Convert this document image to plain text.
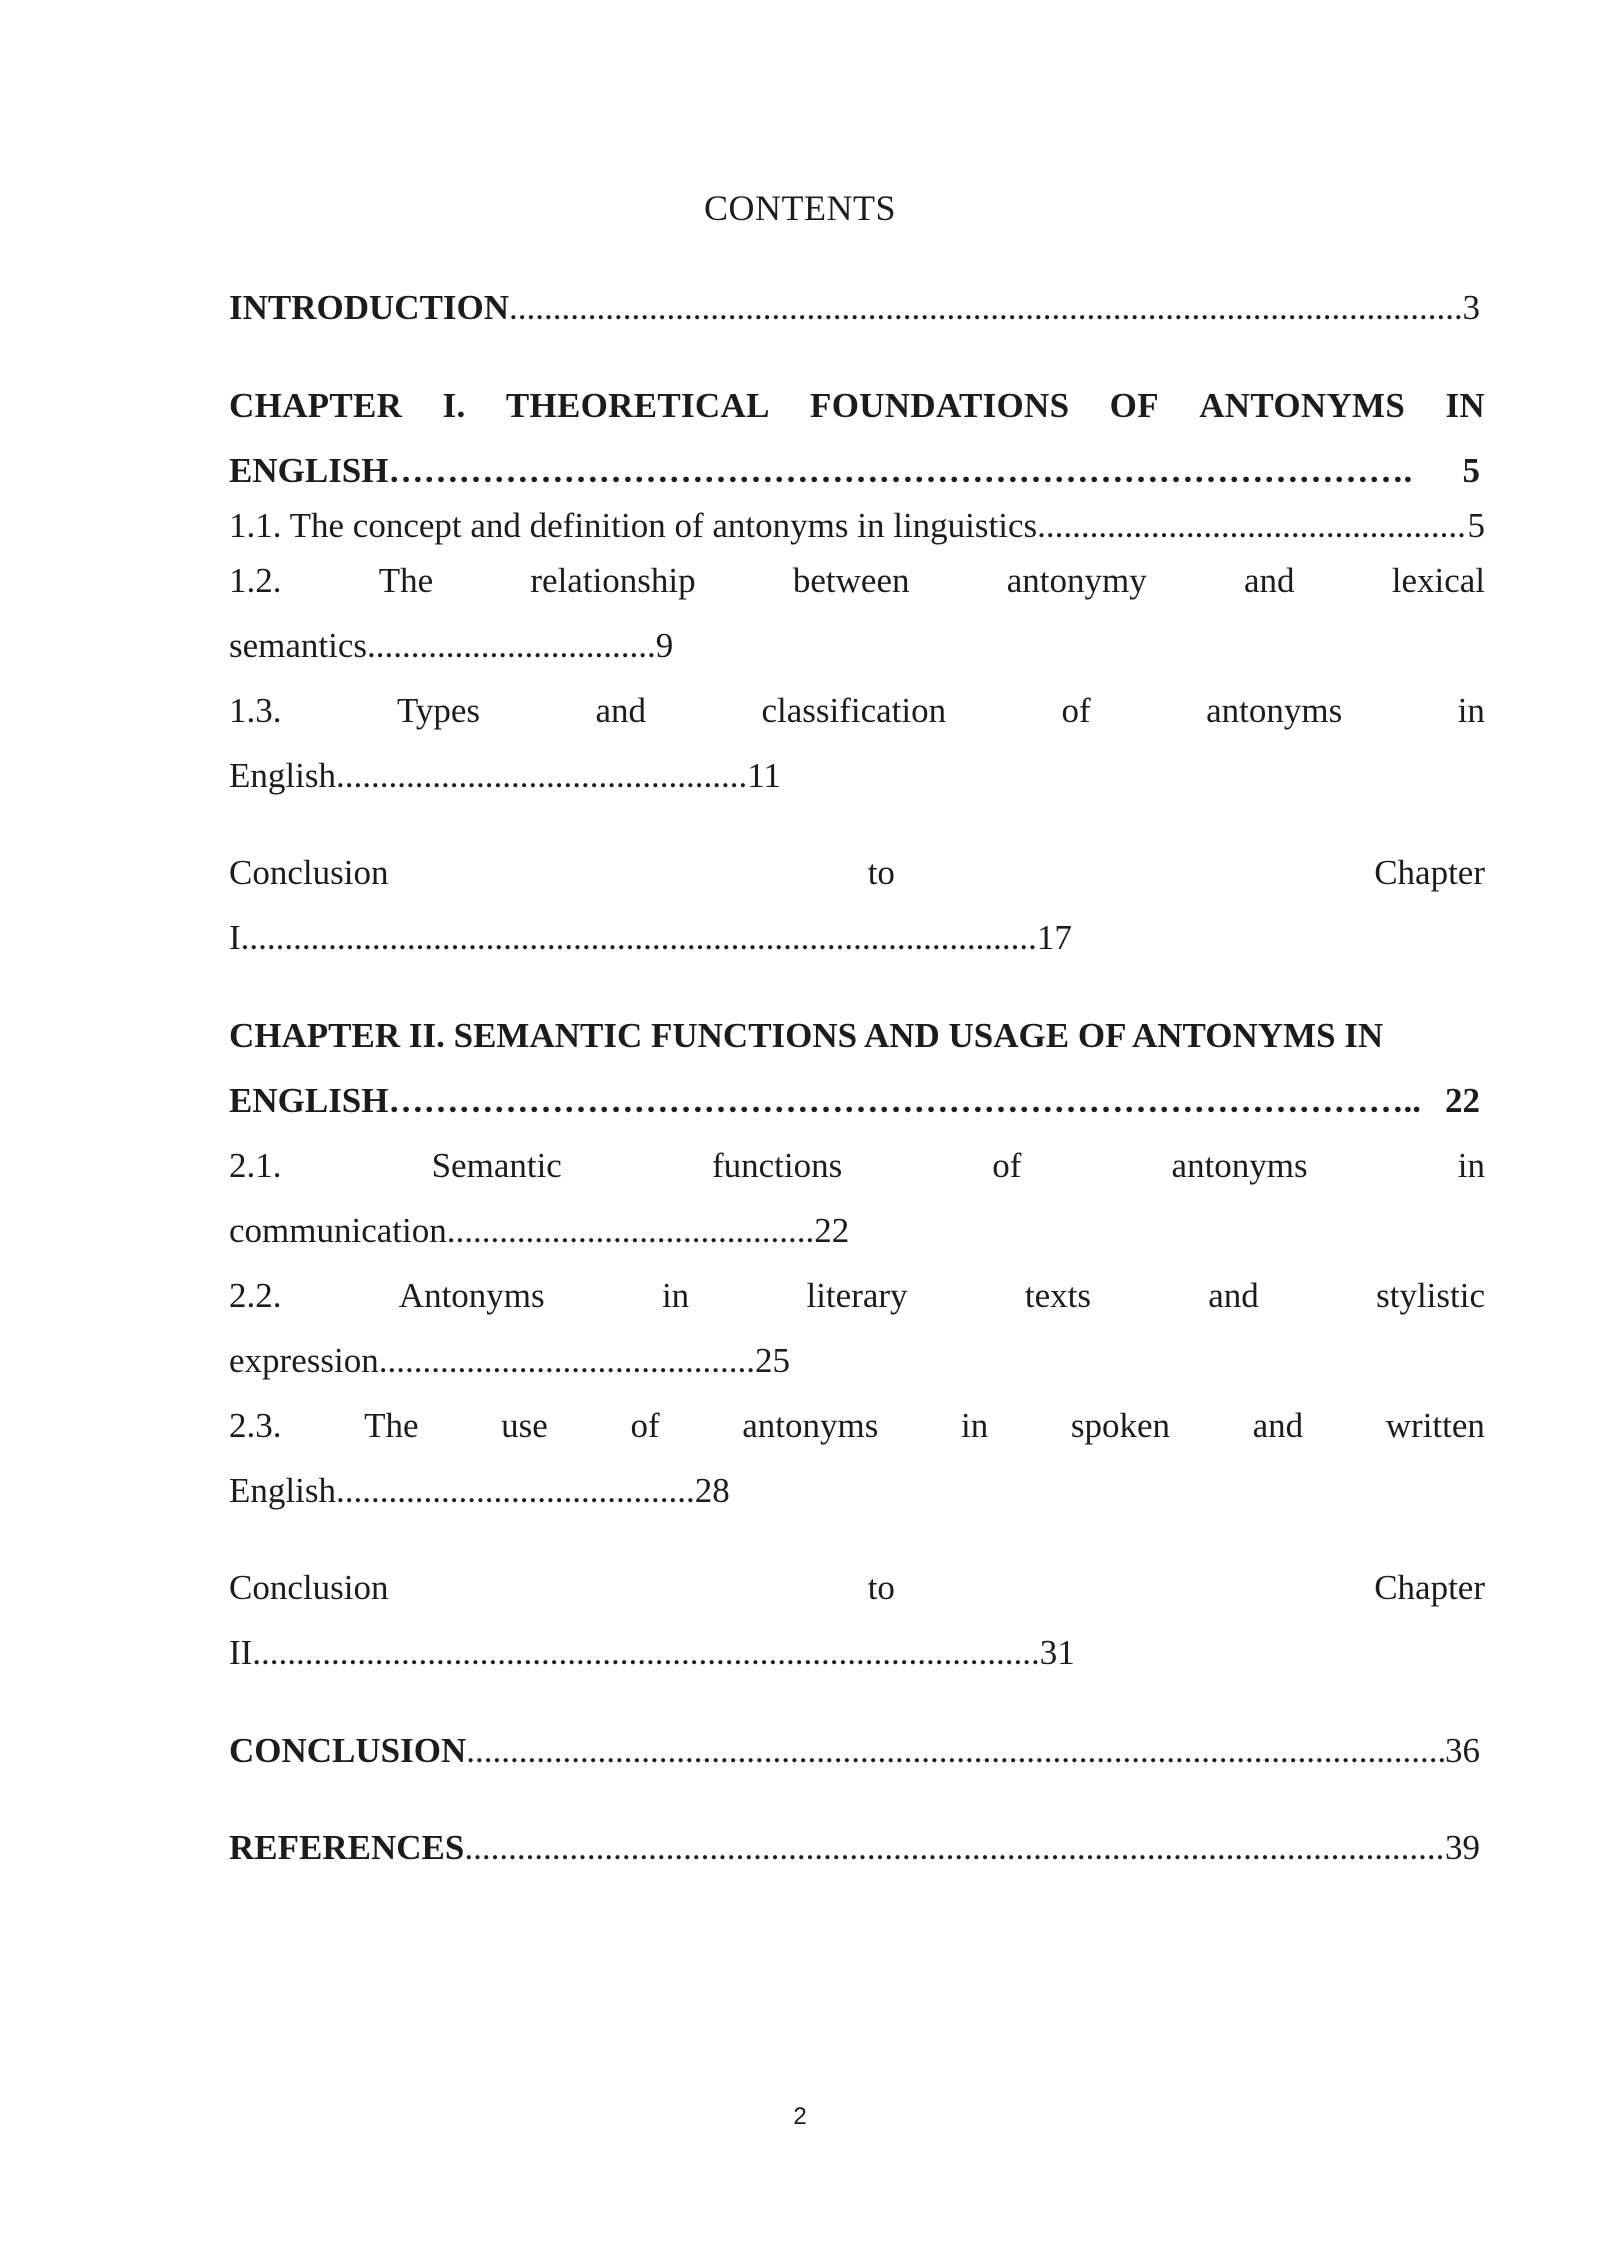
CONTENTS
INTRODUCTION .....	3
CHAPTER I. THEORETICAL FOUNDATIONS OF ANTONYMS IN
ENGLISH …………………………………………………………………………….	5
1.1. The concept and definition of antonyms in linguistics .....	5
1.2.	The	relationship	between	antonymy	and	lexical
semantics.................................9
1.3.	Types	and	classification	of	antonyms	in
English...............................................11
Conclusion	to	Chapter
I...........................................................................................17
CHAPTER II. SEMANTIC FUNCTIONS AND USAGE OF ANTONYMS IN
ENGLISH …………………………………………………………………………….. 22
2.1.	Semantic	functions	of	antonyms	in
communication..........................................22
2.2.	Antonyms	in	literary	texts	and	stylistic
expression...........................................25
2.3. The use of antonyms in spoken and written
English.........................................28
Conclusion	to	Chapter
II..........................................................................................31
CONCLUSION .....	36
REFERENCES .....	39
2
